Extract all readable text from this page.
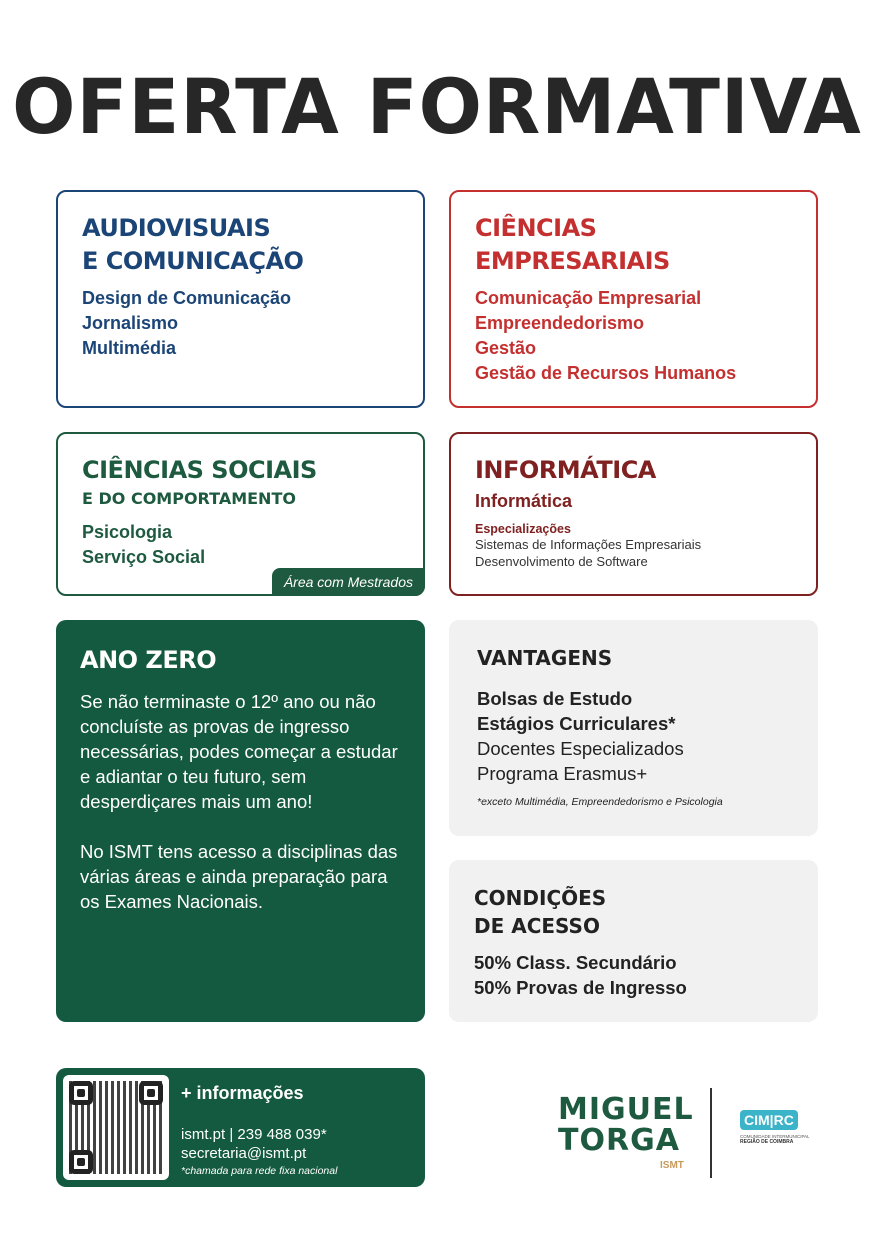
OFERTA FORMATIVA
AUDIOVISUAIS
E COMUNICAÇÃO
Design de Comunicação
Jornalismo
Multimédia
CIÊNCIAS
EMPRESARIAIS
Comunicação Empresarial
Empreendedorismo
Gestão
Gestão de Recursos Humanos
CIÊNCIAS SOCIAIS
E DO COMPORTAMENTO
Psicologia
Serviço Social
Área com Mestrados
INFORMÁTICA
Informática
Especializações
Sistemas de Informações Empresariais
Desenvolvimento de Software
ANO ZERO

Se não terminaste o 12º ano ou não concluíste as provas de ingresso necessárias, podes começar a estudar e adiantar o teu futuro, sem desperdiçares mais um ano!

No ISMT tens acesso a disciplinas das várias áreas e ainda preparação para os Exames Nacionais.

VANTAGENS
Bolsas de Estudo
Estágios Curriculares*
Docentes Especializados
Programa Erasmus+
*exceto Multimédia, Empreendedorismo e Psicologia
CONDIÇÕES
DE ACESSO
50% Class. Secundário
50% Provas de Ingresso
+ informações
ismt.pt | 239 488 039*
secretaria@ismt.pt
*chamada para rede fixa nacional
MIGUEL
TORGA
ISMT
CIM|RC
COMUNIDADE INTERMUNICIPAL
REGIÃO DE COIMBRA
